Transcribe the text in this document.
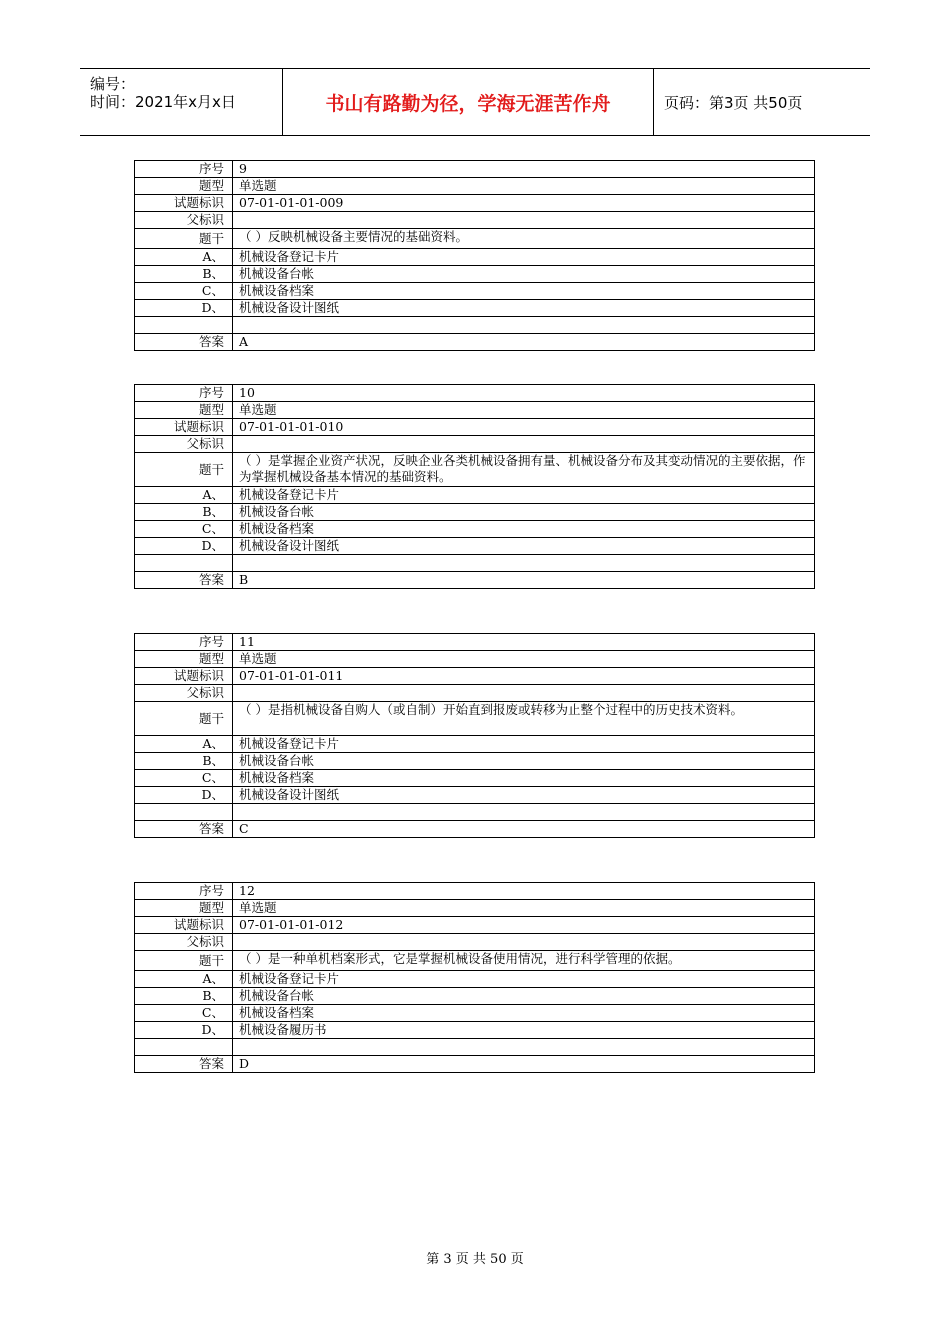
编号：
时间：2021年x月x日	书山有路勤为径，学海无涯苦作舟	页码：第3页 共50页
序号	9
题型	单选题
试题标识	07-01-01-01-009
父标识	
题干	（ ）反映机械设备主要情况的基础资料。
A、	机械设备登记卡片
B、	机械设备台帐
C、	机械设备档案
D、	机械设备设计图纸

答案	A
序号	10
题型	单选题
试题标识	07-01-01-01-010
父标识	
题干	（ ）是掌握企业资产状况，反映企业各类机械设备拥有量、机械设备分布及其变动情况的主要依据，作为掌握机械设备基本情况的基础资料。
A、	机械设备登记卡片
B、	机械设备台帐
C、	机械设备档案
D、	机械设备设计图纸

答案	B
序号	11
题型	单选题
试题标识	07-01-01-01-011
父标识	
题干	（ ）是指机械设备自购人（或自制）开始直到报废或转移为止整个过程中的历史技术资料。
A、	机械设备登记卡片
B、	机械设备台帐
C、	机械设备档案
D、	机械设备设计图纸

答案	C
序号	12
题型	单选题
试题标识	07-01-01-01-012
父标识	
题干	（ ）是一种单机档案形式，它是掌握机械设备使用情况，进行科学管理的依据。
A、	机械设备登记卡片
B、	机械设备台帐
C、	机械设备档案
D、	机械设备履历书

答案	D
第 3 页 共 50 页
